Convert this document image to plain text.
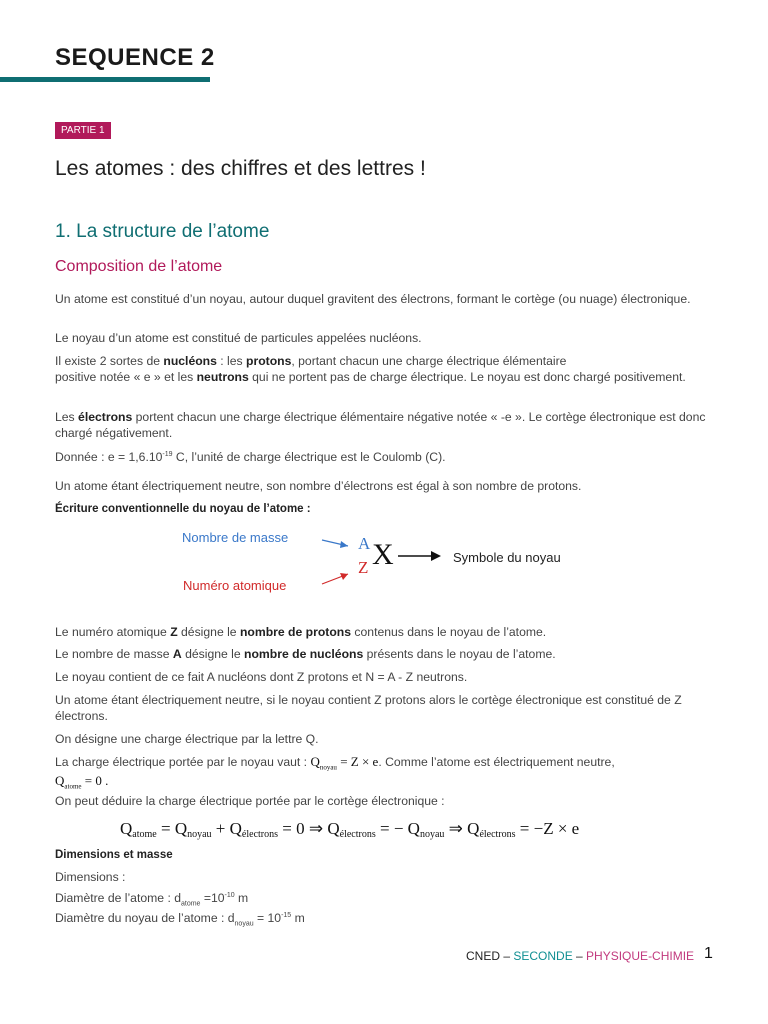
SEQUENCE 2
PARTIE 1
Les atomes : des chiffres et des lettres !
1. La structure de l’atome
Composition de l’atome
Un atome est constitué d’un noyau, autour duquel gravitent des électrons, formant le cortège (ou nuage) électronique.
Le noyau d’un atome est constitué de particules appelées nucléons.
Il existe 2 sortes de nucléons : les protons, portant chacun une charge électrique élémentaire
positive notée « e » et les neutrons qui ne portent pas de charge électrique. Le noyau est donc chargé positivement.
Les électrons portent chacun une charge électrique élémentaire négative notée « -e ». Le cortège électronique est donc chargé négativement.
Donnée : $e = 1,6.10^{-19}$ C, l’unité de charge électrique est le Coulomb (C).
Un atome étant électriquement neutre, son nombre d’électrons est égal à son nombre de protons.
Écriture conventionnelle du noyau de l’atome :
Nombre de masse
Numéro atomique
A
Z X	Symbole du noyau
Le numéro atomique Z désigne le nombre de protons contenus dans le noyau de l’atome.
Le nombre de masse A désigne le nombre de nucléons présents dans le noyau de l’atome.
Le noyau contient de ce fait A nucléons dont Z protons et N = A - Z neutrons.
Un atome étant électriquement neutre, si le noyau contient Z protons alors le cortège électronique est constitué de Z électrons.
On désigne une charge électrique par la lettre Q.
La charge électrique portée par le noyau vaut : $Q_{noyau} = Z \times e$. Comme l’atome est électriquement neutre,
$Q_{atome} = 0$ .
On peut déduire la charge électrique portée par le cortège électronique :
Qatome = Qnoyau + Qélectrons = 0 ⇒ Qélectrons = − Qnoyau ⇒ Qélectrons = −Z × e
Dimensions et masse
Dimensions :
Diamètre de l’atome : $d_{atome} =10^{-10}$ m
Diamètre du noyau de l’atome : $d_{noyau} = 10^{-15}$ m
CNED – SECONDE – PHYSIQUE-CHIMIE 1
